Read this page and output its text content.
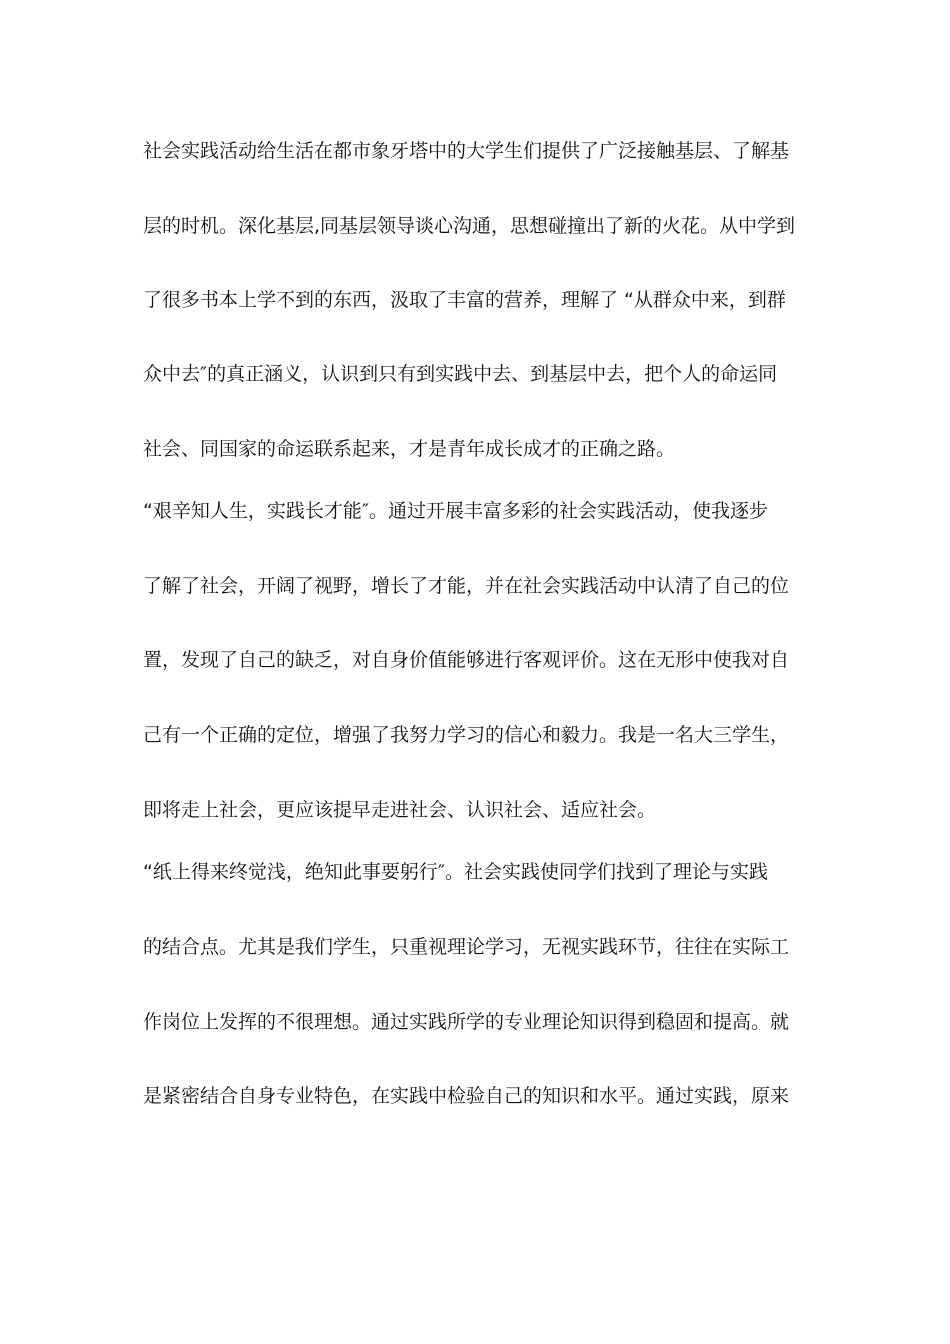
社会实践活动给生活在都市象牙塔中的大学生们提供了广泛接触基层、了解基
层的时机。深化基层,同基层领导谈心沟通，思想碰撞出了新的火花。从中学到
了很多书本上学不到的东西，汲取了丰富的营养，理解了 “从群众中来，到群
众中去″的真正涵义，认识到只有到实践中去、到基层中去，把个人的命运同
社会、同国家的命运联系起来，才是青年成长成才的正确之路。
“艰辛知人生，实践长才能″。通过开展丰富多彩的社会实践活动，使我逐步
了解了社会，开阔了视野，增长了才能，并在社会实践活动中认清了自己的位
置，发现了自己的缺乏，对自身价值能够进行客观评价。这在无形中使我对自
己有一个正确的定位，增强了我努力学习的信心和毅力。我是一名大三学生，
即将走上社会，更应该提早走进社会、认识社会、适应社会。
“纸上得来终觉浅，绝知此事要躬行″。社会实践使同学们找到了理论与实践
的结合点。尤其是我们学生，只重视理论学习，无视实践环节，往往在实际工
作岗位上发挥的不很理想。通过实践所学的专业理论知识得到稳固和提高。就
是紧密结合自身专业特色，在实践中检验自己的知识和水平。通过实践，原来
